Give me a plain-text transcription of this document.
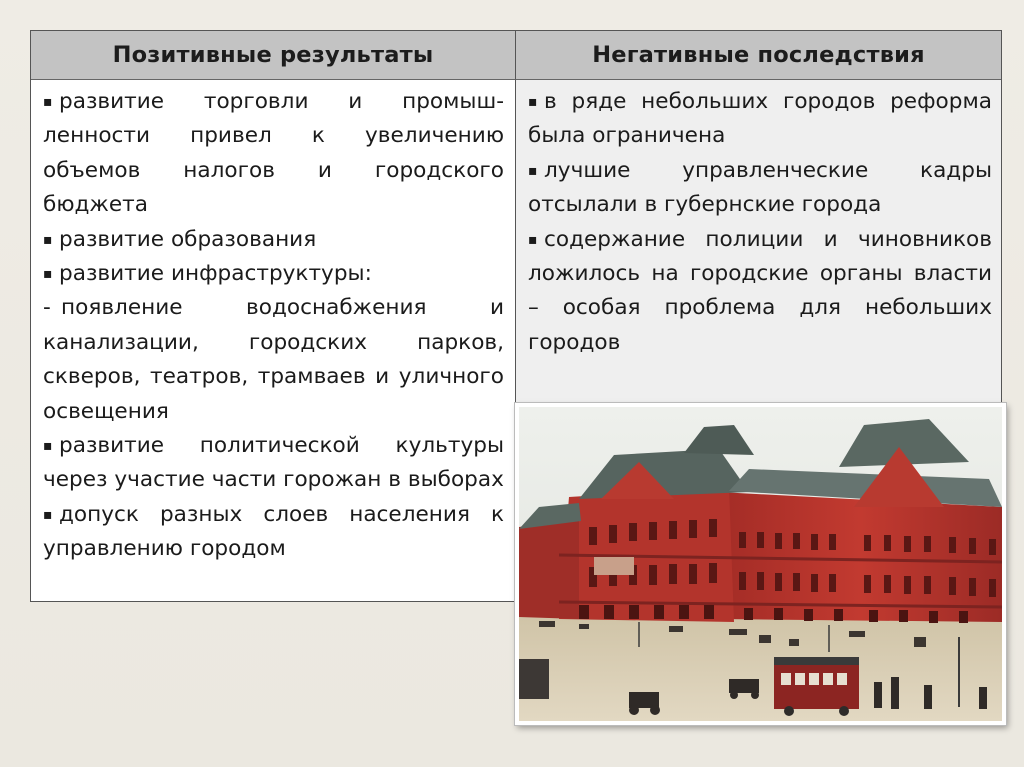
Позитивные результаты	Негативные последствия
▪ развитие торговли и промыш-ленности привел к увеличению объемов налогов и городского бюджета
▪ развитие образования
▪ развитие инфраструктуры:
- появление водоснабжения и канализации, городских парков, скверов, театров, трамваев и уличного освещения
▪ развитие политической культуры через участие части горожан в выборах
▪ допуск разных слоев населения к управлению городом
▪ в ряде небольших городов реформа была ограничена
▪ лучшие управленческие кадры отсылали в губернские города
▪ содержание полиции и чиновников ложилось на городские органы власти – особая проблема для небольших городов
